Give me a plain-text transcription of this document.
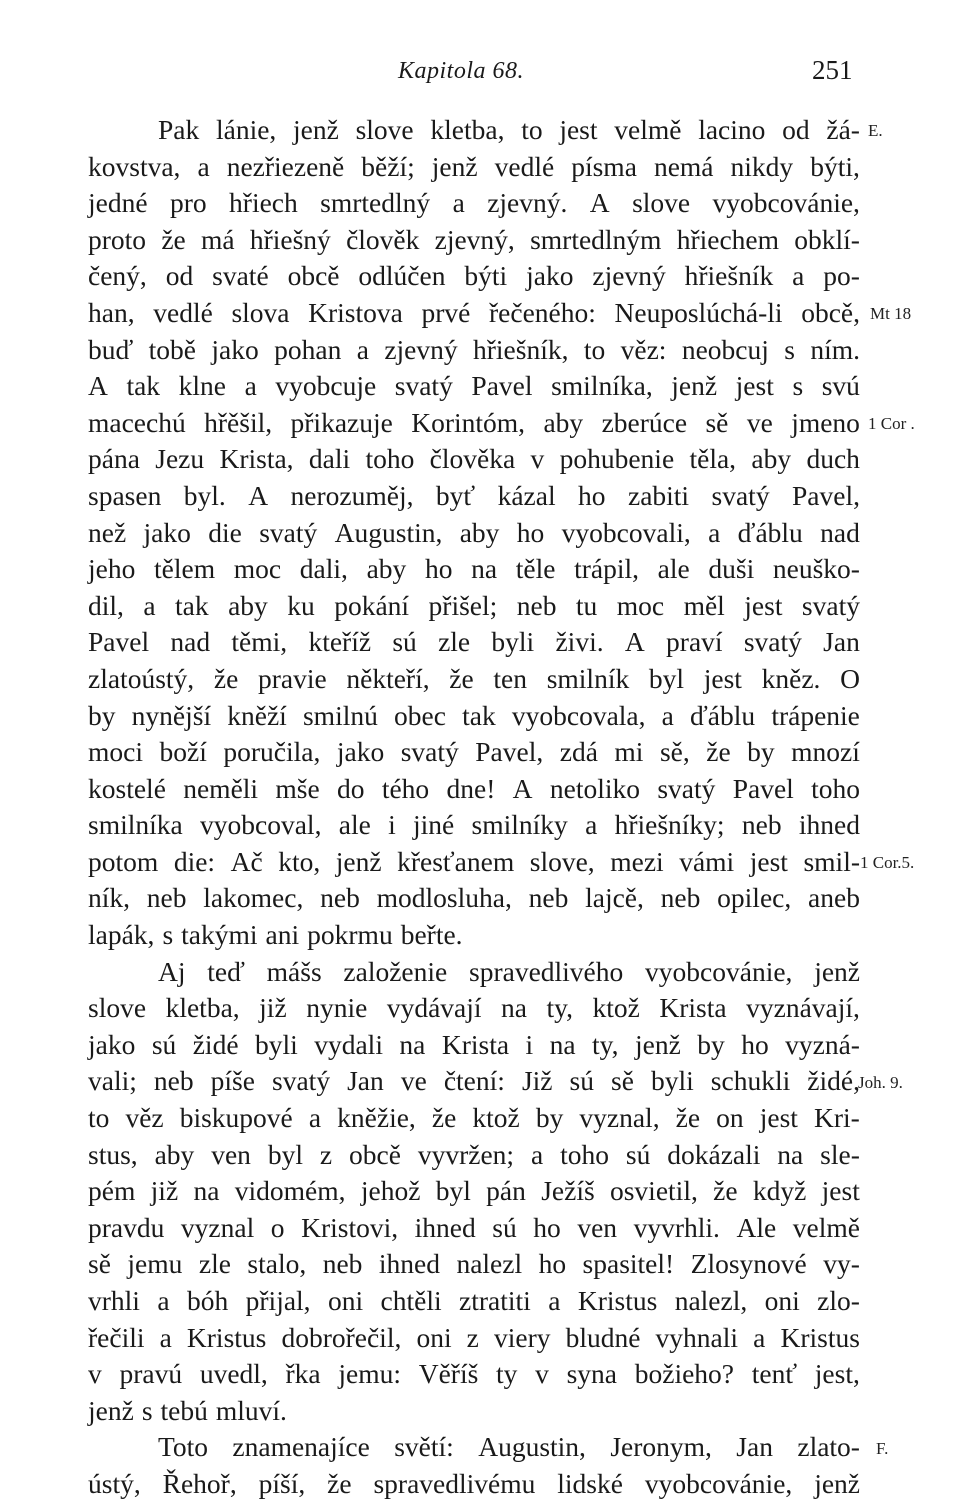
Kapitola 68.	251
Pak lánie, jenž slove kletba, to jest velmě lacino od žá-
kovstva, a nezřiezeně běží; jenž vedlé písma nemá nikdy býti,
jedné pro hřiech smrtedlný a zjevný. A slove vyobcovánie,
proto že má hřiešný člověk zjevný, smrtedlným hřiechem obklí-
čený, od svaté obcě odlúčen býti jako zjevný hřiešník a po-
han, vedlé slova Kristova prvé řečeného: Neuposlúchá-li obcě,
buď tobě jako pohan a zjevný hřiešník, to věz: neobcuj s ním.
A tak klne a vyobcuje svatý Pavel smilníka, jenž jest s svú
macechú hřěšil, přikazuje Korintóm, aby zberúce sě ve jmeno
pána Jezu Krista, dali toho člověka v pohubenie těla, aby duch
spasen byl. A nerozuměj, byť kázal ho zabiti svatý Pavel,
než jako die svatý Augustin, aby ho vyobcovali, a ďáblu nad
jeho tělem moc dali, aby ho na těle trápil, ale duši neuško-
dil, a tak aby ku pokání přišel; neb tu moc měl jest svatý
Pavel nad těmi, kteříž sú zle byli živi. A praví svatý Jan
zlatoústý, že pravie někteří, že ten smilník byl jest kněz. O
by nynější kněží smilnú obec tak vyobcovala, a ďáblu trápenie
moci boží poručila, jako svatý Pavel, zdá mi sě, že by mnozí
kostelé neměli mše do tého dne! A netoliko svatý Pavel toho
smilníka vyobcoval, ale i jiné smilníky a hřiešníky; neb ihned
potom die: Ač kto, jenž křesťanem slove, mezi vámi jest smil-
ník, neb lakomec, neb modlosluha, neb lajcě, neb opilec, aneb
lapák, s takými ani pokrmu beřte.
Aj teď mášs založenie spravedlivého vyobcovánie, jenž
slove kletba, již nynie vydávají na ty, ktož Krista vyznávají,
jako sú židé byli vydali na Krista i na ty, jenž by ho vyzná-
vali; neb píše svatý Jan ve čtení: Již sú sě byli schukli židé,
to věz biskupové a kněžie, že ktož by vyznal, že on jest Kri-
stus, aby ven byl z obcě vyvržen; a toho sú dokázali na sle-
pém již na vidomém, jehož byl pán Ježíš osvietil, že když jest
pravdu vyznal o Kristovi, ihned sú ho ven vyvrhli. Ale velmě
sě jemu zle stalo, neb ihned nalezl ho spasitel! Zlosynové vy-
vrhli a bóh přijal, oni chtěli ztratiti a Kristus nalezl, oni zlo-
řečili a Kristus dobrořečil, oni z viery bludné vyhnali a Kristus
v pravú uvedl, řka jemu: Věříš ty v syna božieho? tenť jest,
jenž s tebú mluví.
Toto znamenajíce světí: Augustin, Jeronym, Jan zlato-
ústý, Řehoř, píší, že spravedlivému lidské vyobcovánie, jenž
E.
Mt 18
1 Cor .
1 Cor.5.
Joh. 9.
F.
